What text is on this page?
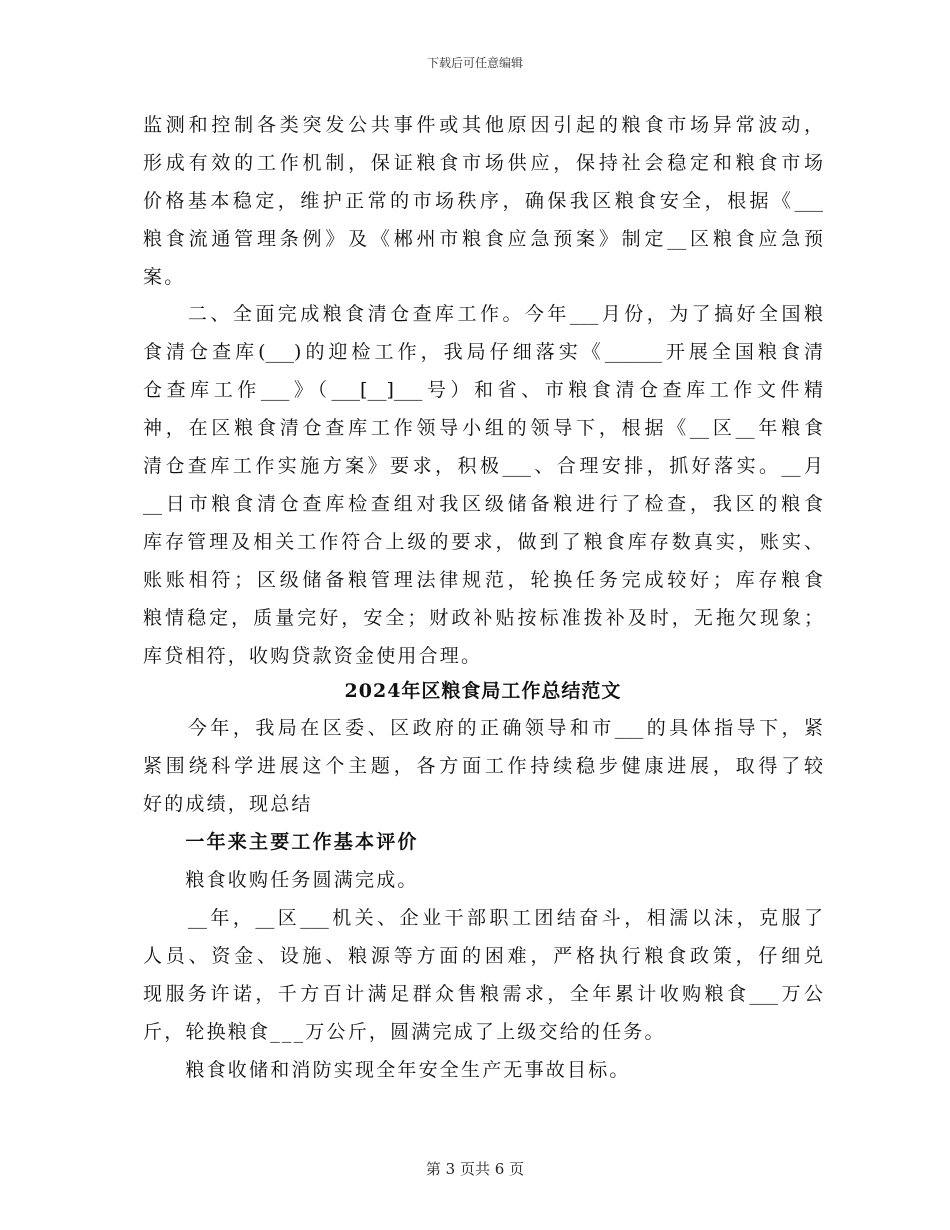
下载后可任意编辑
监测和控制各类突发公共事件或其他原因引起的粮食市场异常波动，
形成有效的工作机制，保证粮食市场供应，保持社会稳定和粮食市场
价格基本稳定，维护正常的市场秩序，确保我区粮食安全，根据《___
粮食流通管理条例》及《郴州市粮食应急预案》制定__区粮食应急预
案。
　　二、全面完成粮食清仓查库工作。今年___月份，为了搞好全国粮
食清仓查库(___)的迎检工作，我局仔细落实《______开展全国粮食清
仓查库工作___》（___[__]___号）和省、市粮食清仓查库工作文件精
神，在区粮食清仓查库工作领导小组的领导下，根据《__区__年粮食
清仓查库工作实施方案》要求，积极___、合理安排，抓好落实。__月
__日市粮食清仓查库检查组对我区级储备粮进行了检查，我区的粮食
库存管理及相关工作符合上级的要求，做到了粮食库存数真实，账实、
账账相符；区级储备粮管理法律规范，轮换任务完成较好；库存粮食
粮情稳定，质量完好，安全；财政补贴按标准拨补及时，无拖欠现象；
库贷相符，收购贷款资金使用合理。
2024年区粮食局工作总结范文
　　今年，我局在区委、区政府的正确领导和市___的具体指导下，紧
紧围绕科学进展这个主题，各方面工作持续稳步健康进展，取得了较
好的成绩，现总结
　　一年来主要工作基本评价
　　粮食收购任务圆满完成。
　　__年，__区___机关、企业干部职工团结奋斗，相濡以沫，克服了
人员、资金、设施、粮源等方面的困难，严格执行粮食政策，仔细兑
现服务许诺，千方百计满足群众售粮需求，全年累计收购粮食___万公
斤，轮换粮食___万公斤，圆满完成了上级交给的任务。
　　粮食收储和消防实现全年安全生产无事故目标。
第 3 页共 6 页
